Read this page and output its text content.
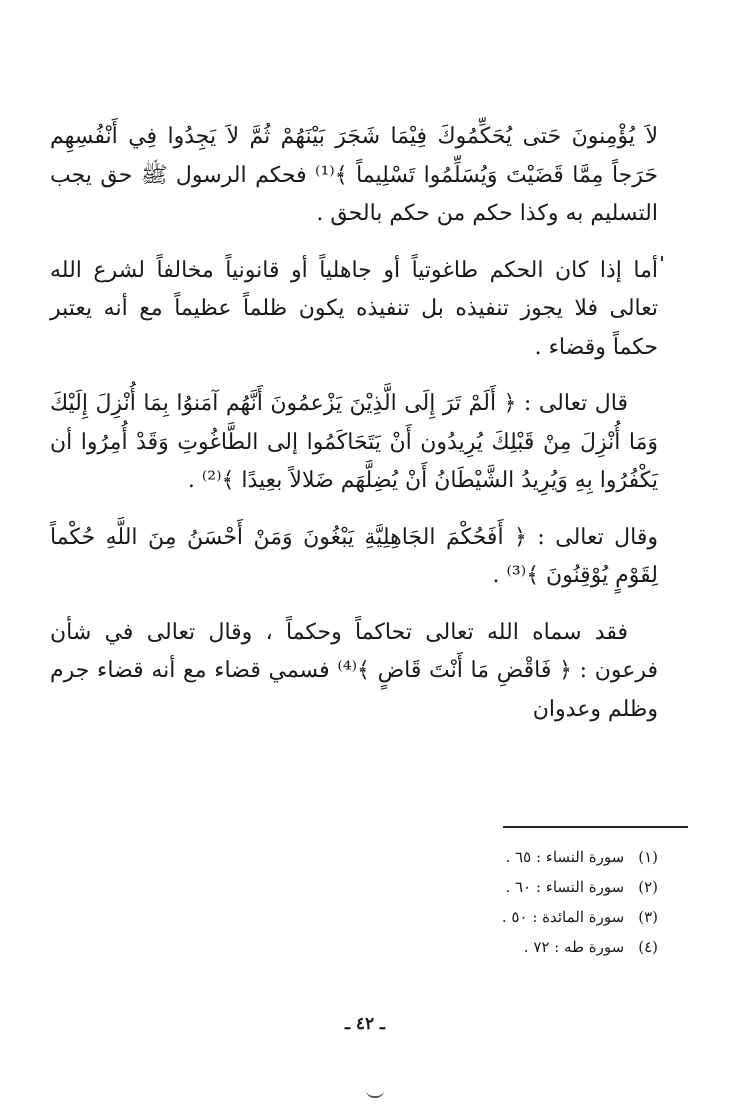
لاَ يُؤْمِنونَ حَتى يُحَكِّمُوكَ فِيْمَا شَجَرَ بَيْنَهُمْ ثُمَّ لاَ يَجِدُوا فِي أَنْفُسِهِم حَرَجاً مِمَّا قَضَيْتَ وَيُسَلِّمُوا تَسْلِيماً ﴾⁽¹⁾ فحكم الرسول ﷺ حق يجب التسليم به وكذا حكم من حكم بالحق .

أما إذا كان الحكم طاغوتياً أو جاهلياً أو قانونياً مخالفاً لشرع الله تعالى فلا يجوز تنفيذه بل تنفيذه يكون ظلماً عظيماً مع أنه يعتبر حكماً وقضاء .

قال تعالى : ﴿ أَلَمْ تَرَ إِلَى الَّذِيْنَ يَزْعمُونَ أَنَّهُم آمَنوُا بِمَا أُنْزِلَ إِلَيْكَ وَمَا أُنْزِلَ مِنْ قَبْلِكَ يُرِيدُون أَنْ يَتَحَاكَمُوا إلى الطَّاغُوتِ وَقَدْ أُمِرُوا أن يَكْفُرُوا بِهِ وَيُرِيدُ الشَّيْطَانُ أَنْ يُضِلَّهَم ضَلالاً بعِيدًا ﴾⁽²⁾ .

وقال تعالى : ﴿ أَفَحُكْمَ الجَاهِلِيَّةِ يَبْغُونَ وَمَنْ أَحْسَنُ مِنَ اللَّهِ حُكْماً لِقَوْمٍ يُوْقِنُونَ ﴾⁽³⁾ .

فقد سماه الله تعالى تحاكماً وحكماً ، وقال تعالى في شأن فرعون : ﴿ فَاقْضِ مَا أَنْتَ قَاضٍ ﴾⁽⁴⁾ فسمي قضاء مع أنه قضاء جرم وظلم وعدوان

(١)سورة النساء : ٦٥ .
(٢)سورة النساء : ٦٠ .
(٣)سورة المائدة : ٥٠ .
(٤)سورة طه : ٧٢ .
ـ ٤٢ ـ
